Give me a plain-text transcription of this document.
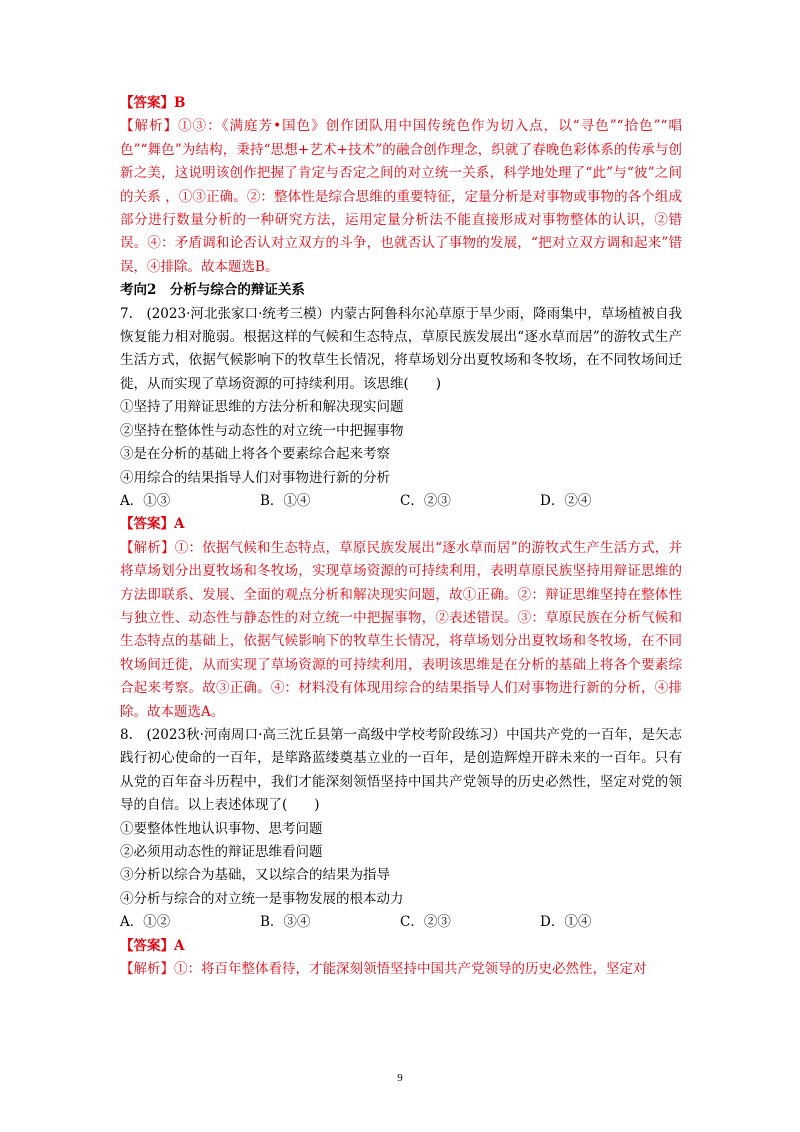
【答案】B

【解析】①③：《满庭芳•国色》创作团队用中国传统色作为切入点，以“寻色”“拾色”“唱色”“舞色”为结构，秉持“思想+艺术+技术”的融合创作理念，织就了春晚色彩体系的传承与创新之美，这说明该创作把握了肯定与否定之间的对立统一关系，科学地处理了“此”与“彼”之间的关系 ，①③正确。②：整体性是综合思维的重要特征，定量分析是对事物或事物的各个组成部分进行数量分析的一种研究方法，运用定量分析法不能直接形成对事物整体的认识，②错误。④：矛盾调和论否认对立双方的斗争，也就否认了事物的发展，“把对立双方调和起来”错误，④排除。故本题选B。

考向2　分析与综合的辩证关系

7.　(2023·河北张家口·统考三模）内蒙古阿鲁科尔沁草原于旱少雨，降雨集中，草场植被自我恢复能力相对脆弱。根据这样的气候和生态特点，草原民族发展出“逐水草而居”的游牧式生产生活方式，依据气候影响下的牧草生长情况，将草场划分出夏牧场和冬牧场，在不同牧场间迁徙，从而实现了草场资源的可持续利用。该思维(　　)

①坚持了用辩证思维的方法分析和解决现实问题

②坚持在整体性与动态性的对立统一中把握事物

③是在分析的基础上将各个要素综合起来考察

④用综合的结果指导人们对事物进行新的分析

A．①③	B．①④	C．②③	D．②④

【答案】A

【解析】①：依据气候和生态特点，草原民族发展出“逐水草而居”的游牧式生产生活方式，并将草场划分出夏牧场和冬牧场，实现草场资源的可持续利用，表明草原民族坚持用辩证思维的方法即联系、发展、全面的观点分析和解决现实问题，故①正确。②：辩证思维坚持在整体性与独立性、动态性与静态性的对立统一中把握事物，②表述错误。③：草原民族在分析气候和生态特点的基础上，依据气候影响下的牧草生长情况，将草场划分出夏牧场和冬牧场，在不同牧场间迁徙，从而实现了草场资源的可持续利用，表明该思维是在分析的基础上将各个要素综合起来考察。故③正确。④：材料没有体现用综合的结果指导人们对事物进行新的分析，④排除。故本题选A。

8.　(2023秋·河南周口·高三沈丘县第一高级中学校考阶段练习）中国共产党的一百年，是矢志践行初心使命的一百年，是筚路蓝缕奠基立业的一百年，是创造辉煌开辟未来的一百年。只有从党的百年奋斗历程中，我们才能深刻领悟坚持中国共产党领导的历史必然性，坚定对党的领导的自信。以上表述体现了(　　)

①要整体性地认识事物、思考问题

②必须用动态性的辩证思维看问题

③分析以综合为基础，又以综合的结果为指导

④分析与综合的对立统一是事物发展的根本动力

A．①②	B．③④	C．②③	D．①④

【答案】A

【解析】①：将百年整体看待，才能深刻领悟坚持中国共产党领导的历史必然性，坚定对

9
